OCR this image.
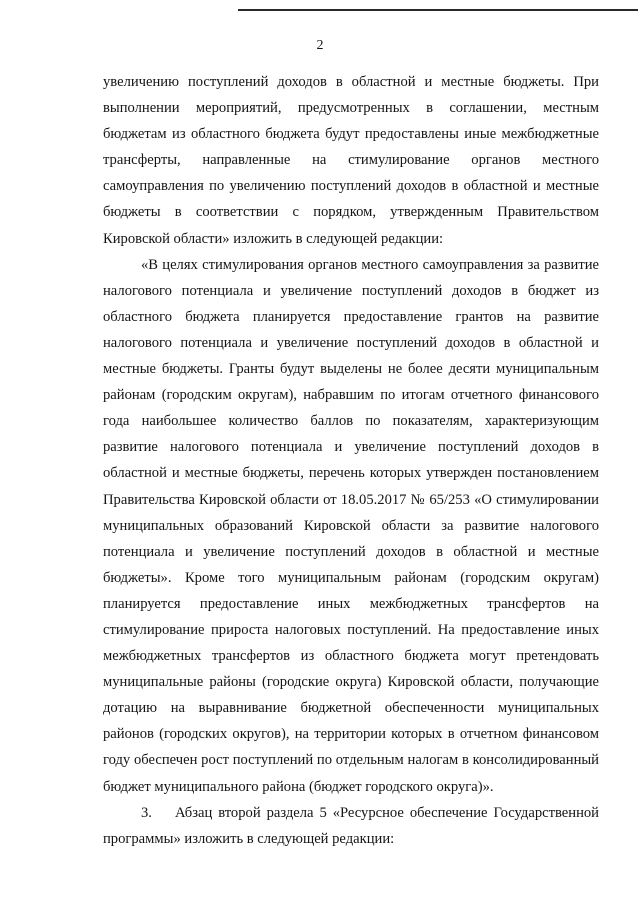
2

увеличению поступлений доходов в областной и местные бюджеты. При выполнении мероприятий, предусмотренных в соглашении, местным бюджетам из областного бюджета будут предоставлены иные межбюджетные трансферты, направленные на стимулирование органов местного самоуправления по увеличению поступлений доходов в областной и местные бюджеты в соответствии с порядком, утвержденным Правительством Кировской области» изложить в следующей редакции:

«В целях стимулирования органов местного самоуправления за развитие налогового потенциала и увеличение поступлений доходов в бюджет из областного бюджета планируется предоставление грантов на развитие налогового потенциала и увеличение поступлений доходов в областной и местные бюджеты. Гранты будут выделены не более десяти муниципальным районам (городским округам), набравшим по итогам отчетного финансового года наибольшее количество баллов по показателям, характеризующим развитие налогового потенциала и увеличение поступлений доходов в областной и местные бюджеты, перечень которых утвержден постановлением Правительства Кировской области от 18.05.2017 № 65/253 «О стимулировании муниципальных образований Кировской области за развитие налогового потенциала и увеличение поступлений доходов в областной и местные бюджеты». Кроме того муниципальным районам (городским округам) планируется предоставление иных межбюджетных трансфертов на стимулирование прироста налоговых поступлений. На предоставление иных межбюджетных трансфертов из областного бюджета могут претендовать муниципальные районы (городские округа) Кировской области, получающие дотацию на выравнивание бюджетной обеспеченности муниципальных районов (городских округов), на территории которых в отчетном финансовом году обеспечен рост поступлений по отдельным налогам в консолидированный бюджет муниципального района (бюджет городского округа)».

3. Абзац второй раздела 5 «Ресурсное обеспечение Государственной программы» изложить в следующей редакции:
